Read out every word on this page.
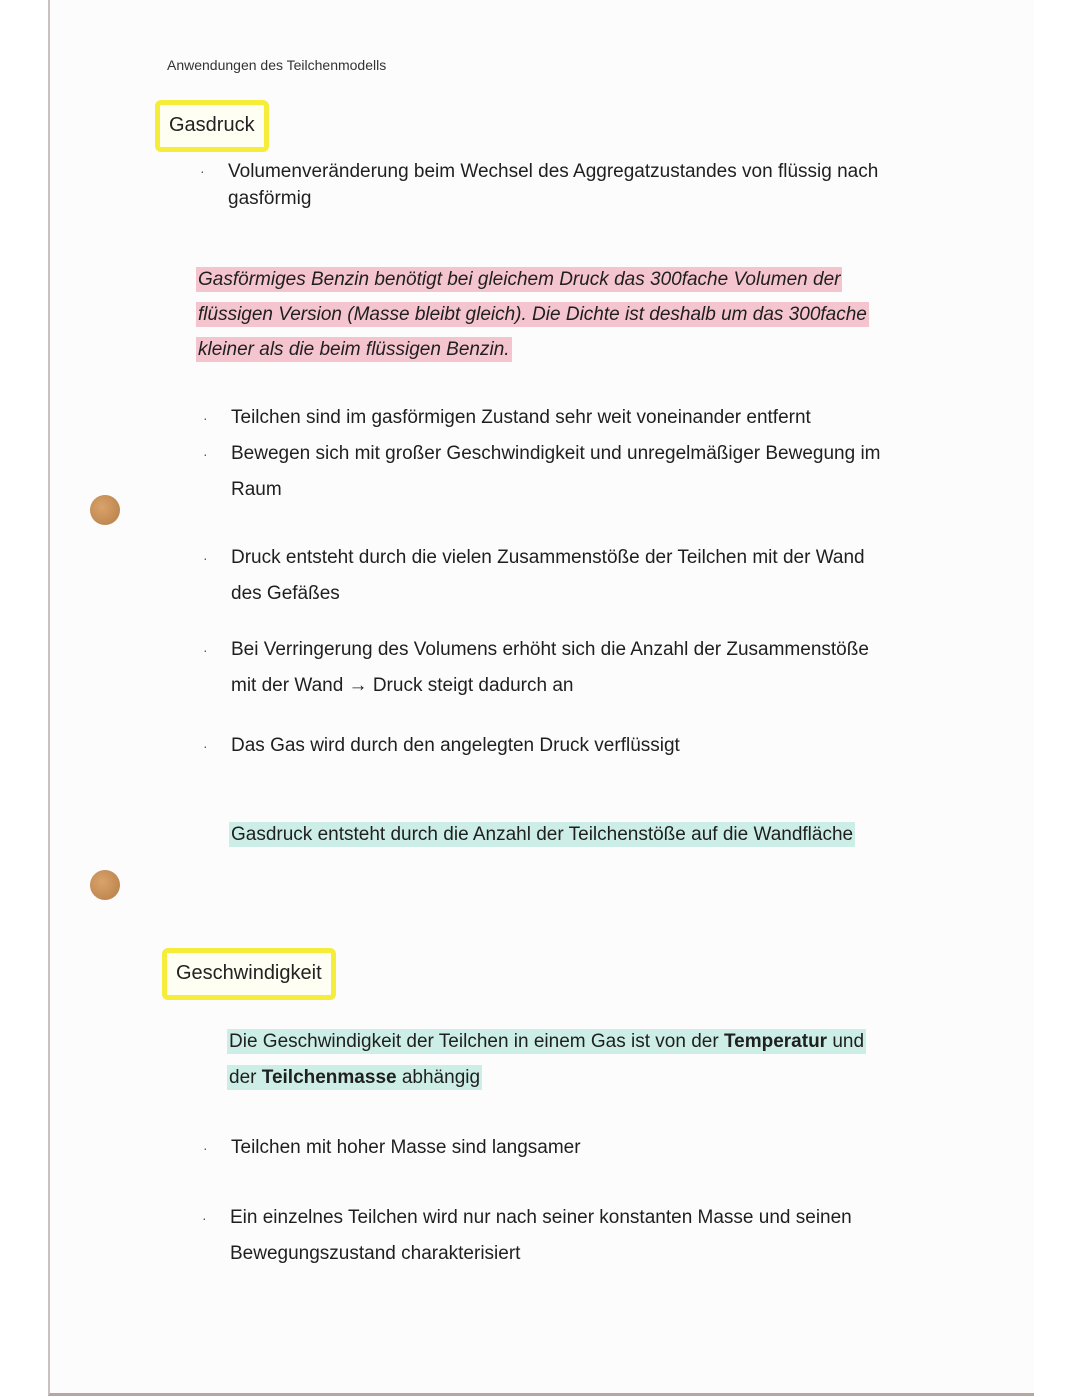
Anwendungen des Teilchenmodells
Gasdruck
· Volumenveränderung beim Wechsel des Aggregatzustandes von flüssig nach
gasförmig
Gasförmiges Benzin benötigt bei gleichem Druck das 300fache Volumen der
flüssigen Version (Masse bleibt gleich). Die Dichte ist deshalb um das 300fache
kleiner als die beim flüssigen Benzin.
· Teilchen sind im gasförmigen Zustand sehr weit voneinander entfernt
· Bewegen sich mit großer Geschwindigkeit und unregelmäßiger Bewegung im
Raum
· Druck entsteht durch die vielen Zusammenstöße der Teilchen mit der Wand
des Gefäßes
· Bei Verringerung des Volumens erhöht sich die Anzahl der Zusammenstöße
mit der Wand → Druck steigt dadurch an
· Das Gas wird durch den angelegten Druck verflüssigt
Gasdruck entsteht durch die Anzahl der Teilchenstöße auf die Wandfläche
Geschwindigkeit
Die Geschwindigkeit der Teilchen in einem Gas ist von der Temperatur und
der Teilchenmasse abhängig
· Teilchen mit hoher Masse sind langsamer
· Ein einzelnes Teilchen wird nur nach seiner konstanten Masse und seinen
Bewegungszustand charakterisiert
